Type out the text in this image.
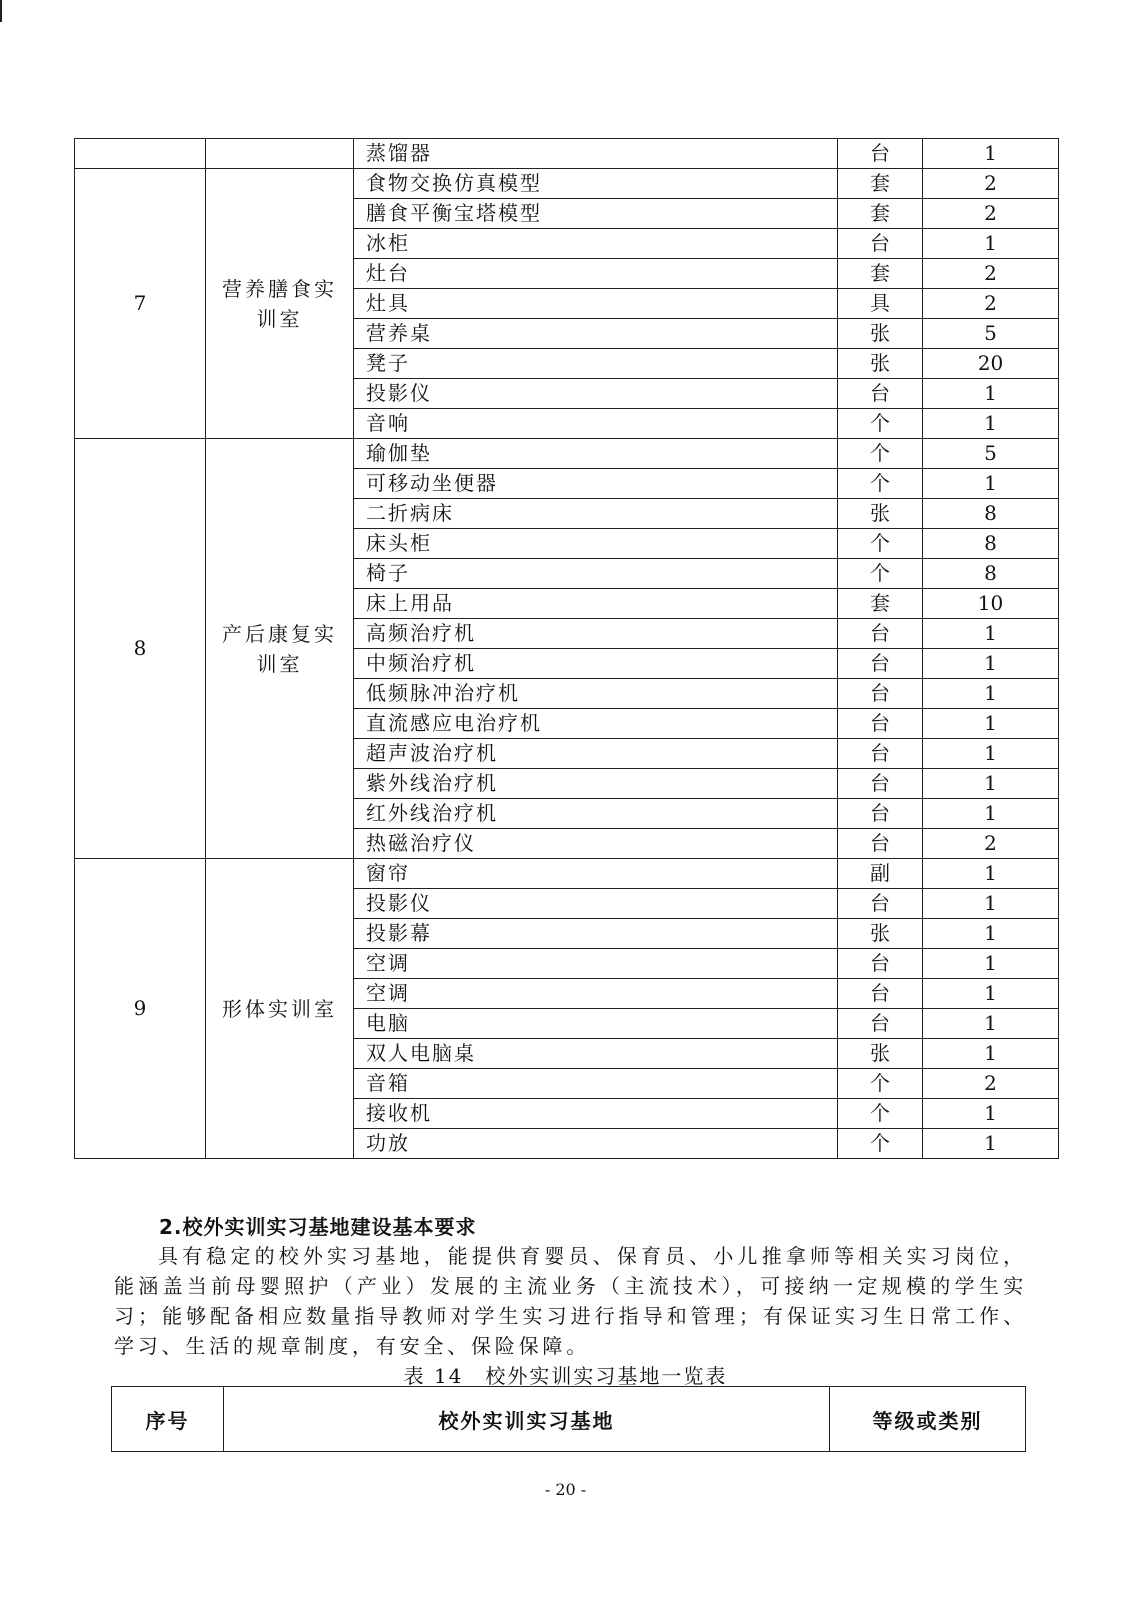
		蒸馏器	台	1
7	营养膳食实训室	食物交换仿真模型	套	2
		膳食平衡宝塔模型	套	2
		冰柜	台	1
		灶台	套	2
		灶具	具	2
		营养桌	张	5
		凳子	张	20
		投影仪	台	1
		音响	个	1
8	产后康复实训室	瑜伽垫	个	5
		可移动坐便器	个	1
		二折病床	张	8
		床头柜	个	8
		椅子	个	8
		床上用品	套	10
		高频治疗机	台	1
		中频治疗机	台	1
		低频脉冲治疗机	台	1
		直流感应电治疗机	台	1
		超声波治疗机	台	1
		紫外线治疗机	台	1
		红外线治疗机	台	1
		热磁治疗仪	台	2
9	形体实训室	窗帘	副	1
		投影仪	台	1
		投影幕	张	1
		空调	台	1
		空调	台	1
		电脑	台	1
		双人电脑桌	张	1
		音箱	个	2
		接收机	个	1
		功放	个	1
2.校外实训实习基地建设基本要求

具有稳定的校外实习基地，能提供育婴员、保育员、小儿推拿师等相关实习岗位，能涵盖当前母婴照护（产业）发展的主流业务（主流技术），可接纳一定规模的学生实习；能够配备相应数量指导教师对学生实习进行指导和管理；有保证实习生日常工作、学习、生活的规章制度，有安全、保险保障。

表 14　校外实训实习基地一览表
序号	校外实训实习基地	等级或类别
- 20 -
